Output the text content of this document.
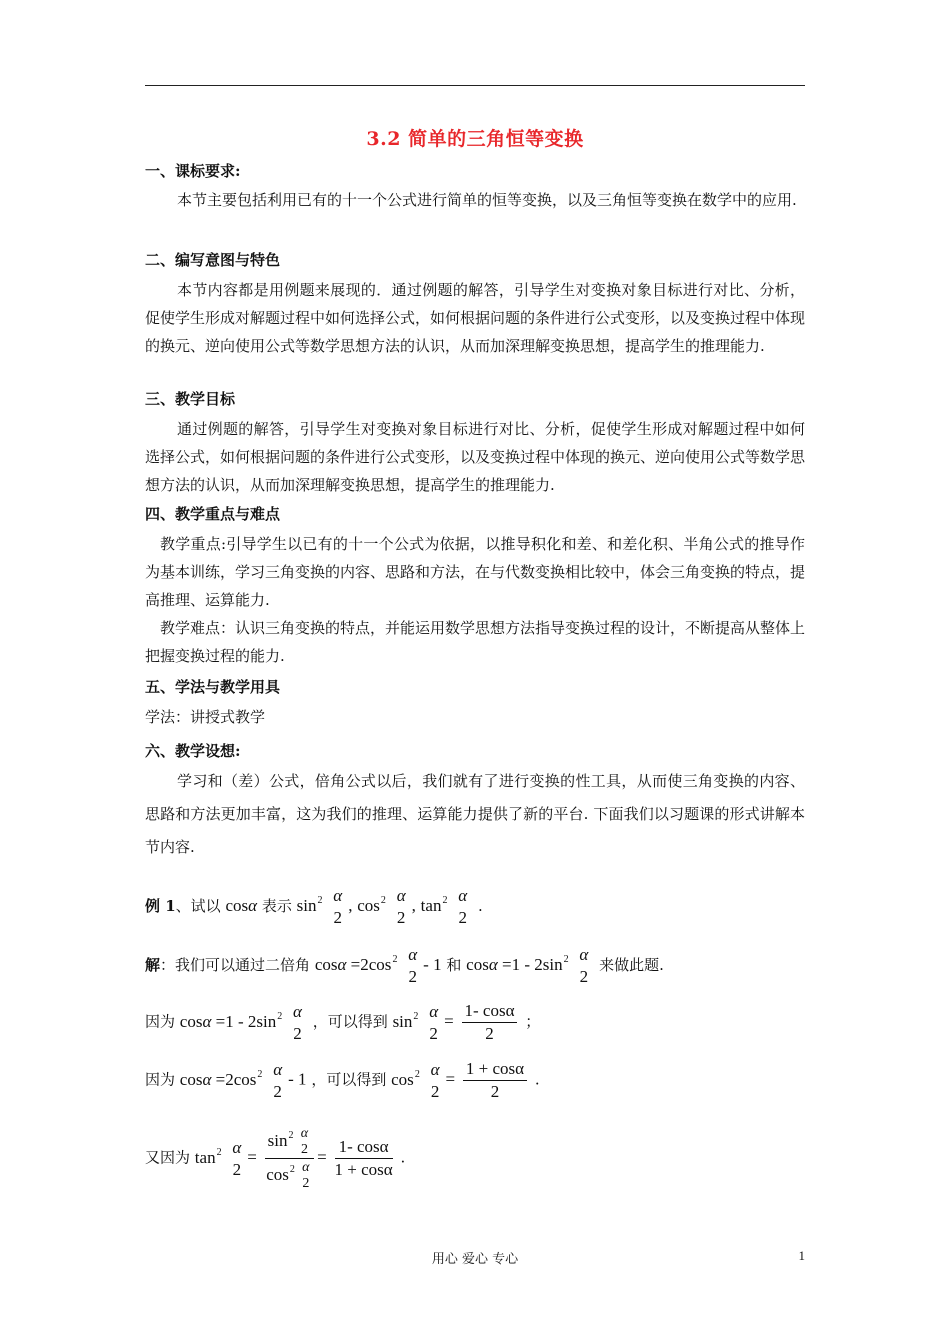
3.2 简单的三角恒等变换
一、课标要求:

本节主要包括利用已有的十一个公式进行简单的恒等变换，以及三角恒等变换在数学中的应用.

二、编写意图与特色

本节内容都是用例题来展现的．通过例题的解答，引导学生对变换对象目标进行对比、分析，促使学生形成对解题过程中如何选择公式，如何根据问题的条件进行公式变形，以及变换过程中体现的换元、逆向使用公式等数学思想方法的认识，从而加深理解变换思想，提高学生的推理能力.

三、教学目标

通过例题的解答，引导学生对变换对象目标进行对比、分析，促使学生形成对解题过程中如何选择公式，如何根据问题的条件进行公式变形，以及变换过程中体现的换元、逆向使用公式等数学思想方法的认识，从而加深理解变换思想，提高学生的推理能力.

四、教学重点与难点

教学重点:引导学生以已有的十一个公式为依据，以推导积化和差、和差化积、半角公式的推导作为基本训练，学习三角变换的内容、思路和方法，在与代数变换相比较中，体会三角变换的特点，提高推理、运算能力.

教学难点：认识三角变换的特点，并能运用数学思想方法指导变换过程的设计，不断提高从整体上把握变换过程的能力.

五、学法与教学用具

学法：讲授式教学

六、教学设想:

学习和（差）公式，倍角公式以后，我们就有了进行变换的性工具，从而使三角变换的内容、思路和方法更加丰富，这为我们的推理、运算能力提供了新的平台. 下面我们以习题课的形式讲解本节内容.

例 1、试以 cosα 表示 $\sin^2 \alpha$
2
, $\cos^2 \alpha$
2
, $\tan^2 \alpha$
2
.
解：我们可以通过二倍角 $\cos\alpha =2\cos^2$ α
2
- 1 和 $\cos\alpha =1 - 2\sin^2$ α
2
来做此题.
因为 $\cos\alpha =1 - 2\sin^2$ α
2
，可以得到 $\sin^2 \alpha$
2
= $\frac{1- \cos\alpha}{2}$ ；
因为 $\cos\alpha =2\cos^2$ α
2
- 1 ，可以得到 $\cos^2 \alpha$
2
= $\frac{1 + \cos\alpha}{2}$ .
又因为 $\tan^2 \alpha$
2
= $\sin^2 \alpha$
2
$\cos^2 \alpha$
$2 = \frac{1- \cos\alpha}{1 + \cos\alpha}$ .
用心 爱心 专心	1
